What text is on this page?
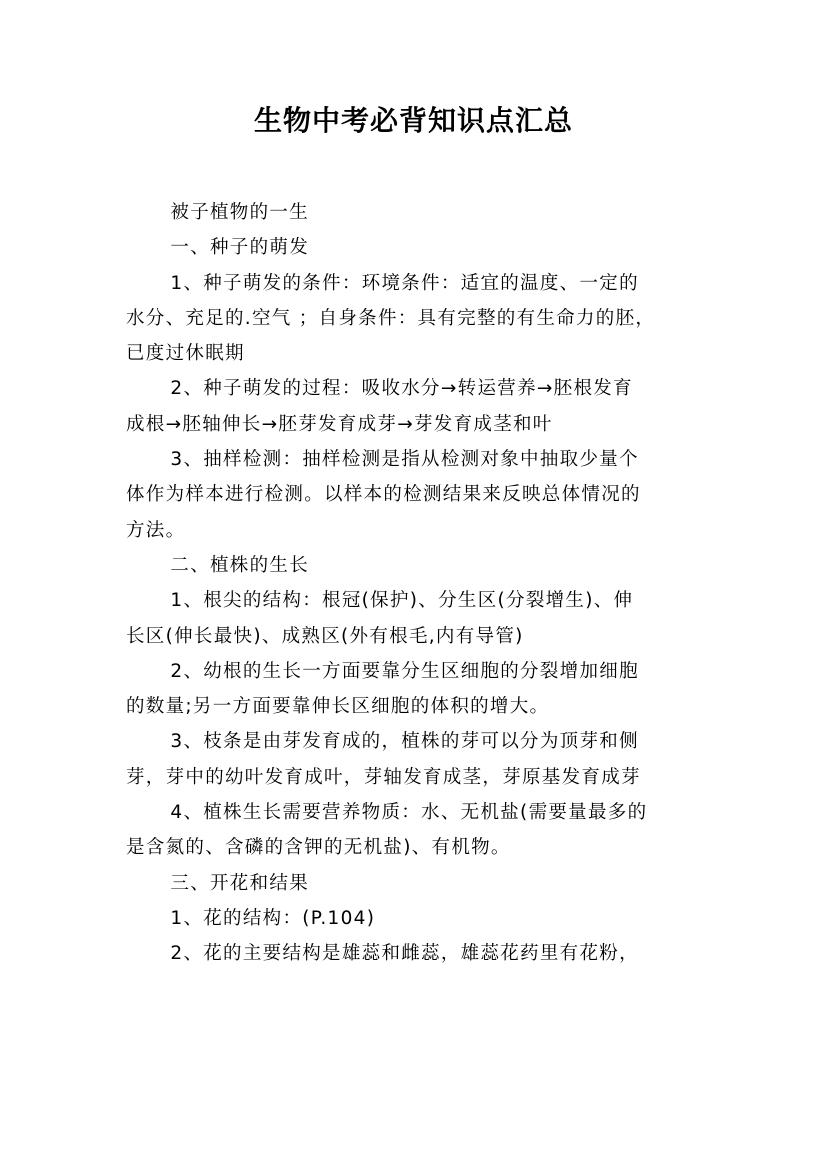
生物中考必背知识点汇总

被子植物的一生

一、种子的萌发

1、种子萌发的条件：环境条件：适宜的温度、一定的
水分、充足的.空气 ；自身条件：具有完整的有生命力的胚，
已度过休眠期

2、种子萌发的过程：吸收水分→转运营养→胚根发育
成根→胚轴伸长→胚芽发育成芽→芽发育成茎和叶

3、抽样检测：抽样检测是指从检测对象中抽取少量个
体作为样本进行检测。以样本的检测结果来反映总体情况的
方法。

二、植株的生长

1、根尖的结构：根冠(保护)、分生区(分裂增生)、伸
长区(伸长最快)、成熟区(外有根毛,内有导管)

2、幼根的生长一方面要靠分生区细胞的分裂增加细胞
的数量;另一方面要靠伸长区细胞的体积的增大。

3、枝条是由芽发育成的，植株的芽可以分为顶芽和侧
芽，芽中的幼叶发育成叶，芽轴发育成茎，芽原基发育成芽

4、植株生长需要营养物质：水、无机盐(需要量最多的
是含氮的、含磷的含钾的无机盐)、有机物。

三、开花和结果

1、花的结构：(P.104)

2、花的主要结构是雄蕊和雌蕊，雄蕊花药里有花粉，
